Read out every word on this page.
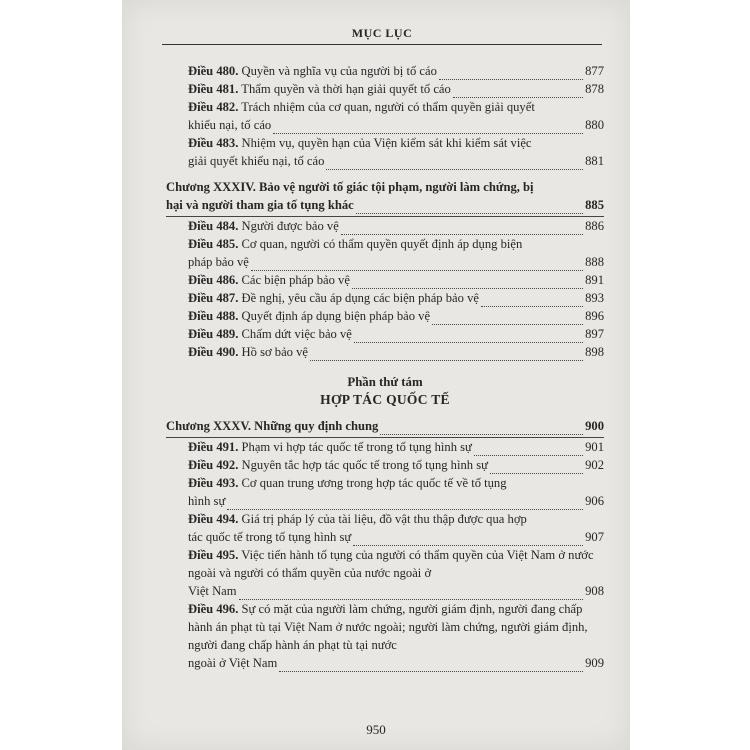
MỤC LỤC
Điều 480. Quyền và nghĩa vụ của người bị tố cáo	877
Điều 481. Thẩm quyền và thời hạn giải quyết tố cáo	878
Điều 482. Trách nhiệm của cơ quan, người có thẩm quyền giải quyết
khiếu nại, tố cáo	880
Điều 483. Nhiệm vụ, quyền hạn của Viện kiểm sát khi kiểm sát việc
giải quyết khiếu nại, tố cáo	881
Chương XXXIV. Bảo vệ người tố giác tội phạm, người làm chứng, bị
hại và người tham gia tố tụng khác	885
Điều 484. Người được bảo vệ	886
Điều 485. Cơ quan, người có thẩm quyền quyết định áp dụng biện
pháp bảo vệ	888
Điều 486. Các biện pháp bảo vệ	891
Điều 487. Đề nghị, yêu cầu áp dụng các biện pháp bảo vệ	893
Điều 488. Quyết định áp dụng biện pháp bảo vệ	896
Điều 489. Chấm dứt việc bảo vệ	897
Điều 490. Hồ sơ bảo vệ	898
Phần thứ tám
HỢP TÁC QUỐC TẾ
Chương XXXV. Những quy định chung	900
Điều 491. Phạm vi hợp tác quốc tế trong tố tụng hình sự	901
Điều 492. Nguyên tắc hợp tác quốc tế trong tố tụng hình sự	902
Điều 493. Cơ quan trung ương trong hợp tác quốc tế về tố tụng
hình sự	906
Điều 494. Giá trị pháp lý của tài liệu, đồ vật thu thập được qua hợp
tác quốc tế trong tố tụng hình sự	907
Điều 495. Việc tiến hành tố tụng của người có thẩm quyền của Việt Nam ở nước ngoài và người có thẩm quyền của nước ngoài ở
Việt Nam	908
Điều 496. Sự có mặt của người làm chứng, người giám định, người đang chấp hành án phạt tù tại Việt Nam ở nước ngoài; người làm chứng, người giám định, người đang chấp hành án phạt tù tại nước
ngoài ở Việt Nam	909
950
